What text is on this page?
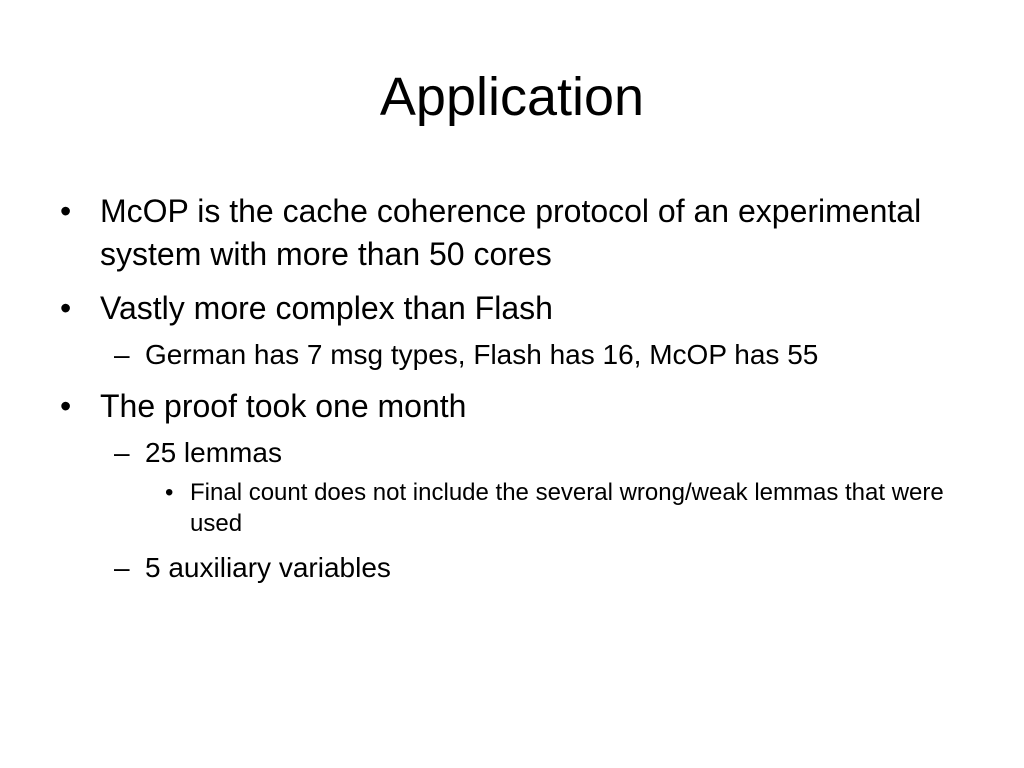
Application
• McOP is the cache coherence protocol of an experimental system with more than 50 cores
• Vastly more complex than Flash
– German has 7 msg types, Flash has 16, McOP has 55
• The proof took one month
– 25 lemmas
• Final count does not include the several wrong/weak lemmas that were used
– 5 auxiliary variables
